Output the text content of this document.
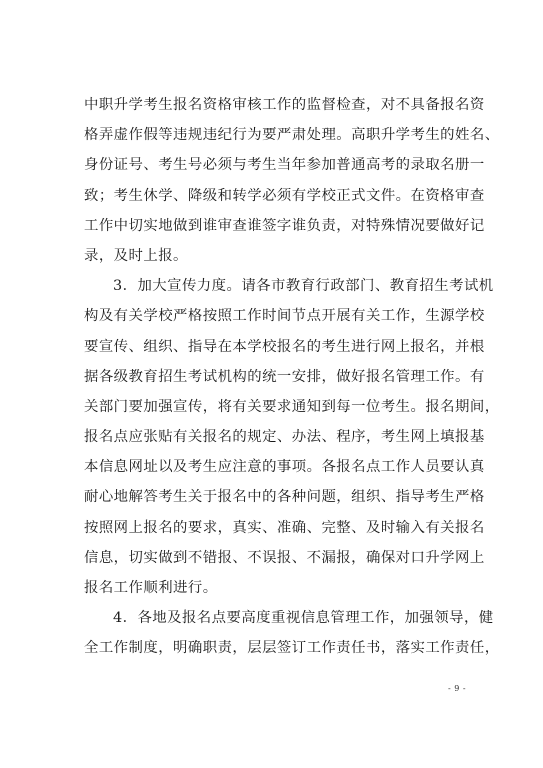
中职升学考生报名资格审核工作的监督检查，对不具备报名资
格弄虚作假等违规违纪行为要严肃处理。高职升学考生的姓名、
身份证号、考生号必须与考生当年参加普通高考的录取名册一
致；考生休学、降级和转学必须有学校正式文件。在资格审查
工作中切实地做到谁审查谁签字谁负责，对特殊情况要做好记
录，及时上报。
3．加大宣传力度。请各市教育行政部门、教育招生考试机
构及有关学校严格按照工作时间节点开展有关工作，生源学校
要宣传、组织、指导在本学校报名的考生进行网上报名，并根
据各级教育招生考试机构的统一安排，做好报名管理工作。有
关部门要加强宣传，将有关要求通知到每一位考生。报名期间，
报名点应张贴有关报名的规定、办法、程序，考生网上填报基
本信息网址以及考生应注意的事项。各报名点工作人员要认真
耐心地解答考生关于报名中的各种问题，组织、指导考生严格
按照网上报名的要求，真实、准确、完整、及时输入有关报名
信息，切实做到不错报、不误报、不漏报，确保对口升学网上
报名工作顺利进行。
4．各地及报名点要高度重视信息管理工作，加强领导，健
全工作制度，明确职责，层层签订工作责任书，落实工作责任，
- 9 -
